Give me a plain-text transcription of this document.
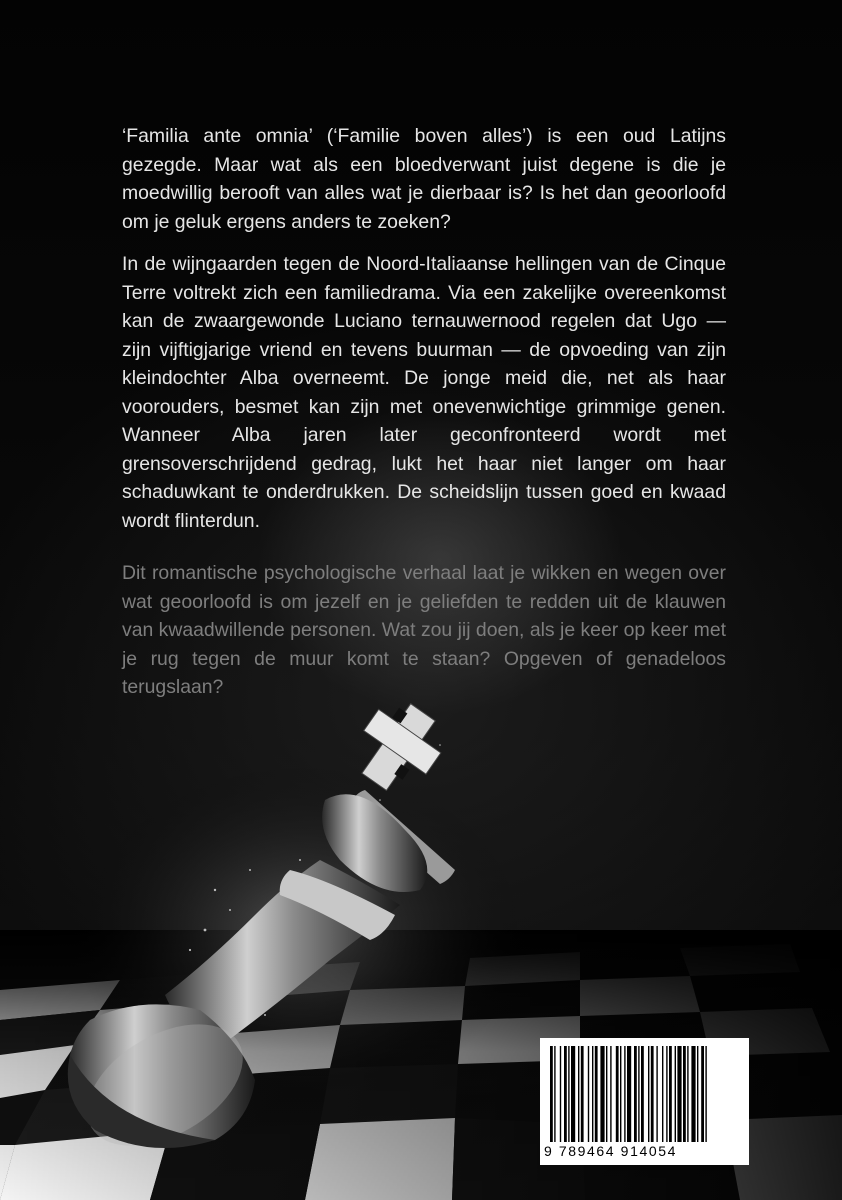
‘Familia ante omnia’ (‘Familie boven alles’) is een oud Latijns gezegde. Maar wat als een bloedverwant juist degene is die je moedwillig berooft van alles wat je dierbaar is? Is het dan geoorloofd om je geluk ergens anders te zoeken?

In de wijngaarden tegen de Noord-Italiaanse hellingen van de Cinque Terre voltrekt zich een familiedrama. Via een zakelijke overeenkomst kan de zwaargewonde Luciano ternauwernood regelen dat Ugo — zijn vijftigjarige vriend en tevens buurman — de opvoeding van zijn kleindochter Alba overneemt. De jonge meid die, net als haar voorouders, besmet kan zijn met onevenwichtige grimmige genen. Wanneer Alba jaren later geconfronteerd wordt met grensoverschrijdend gedrag, lukt het haar niet langer om haar schaduwkant te onderdrukken. De scheidslijn tussen goed en kwaad wordt flinterdun.

Dit romantische psychologische verhaal laat je wikken en wegen over wat geoorloofd is om jezelf en je geliefden te redden uit de klauwen van kwaadwillende personen. Wat zou jij doen, als je keer op keer met je rug tegen de muur komt te staan? Opgeven of genadeloos terugslaan?

9 789464 914054
